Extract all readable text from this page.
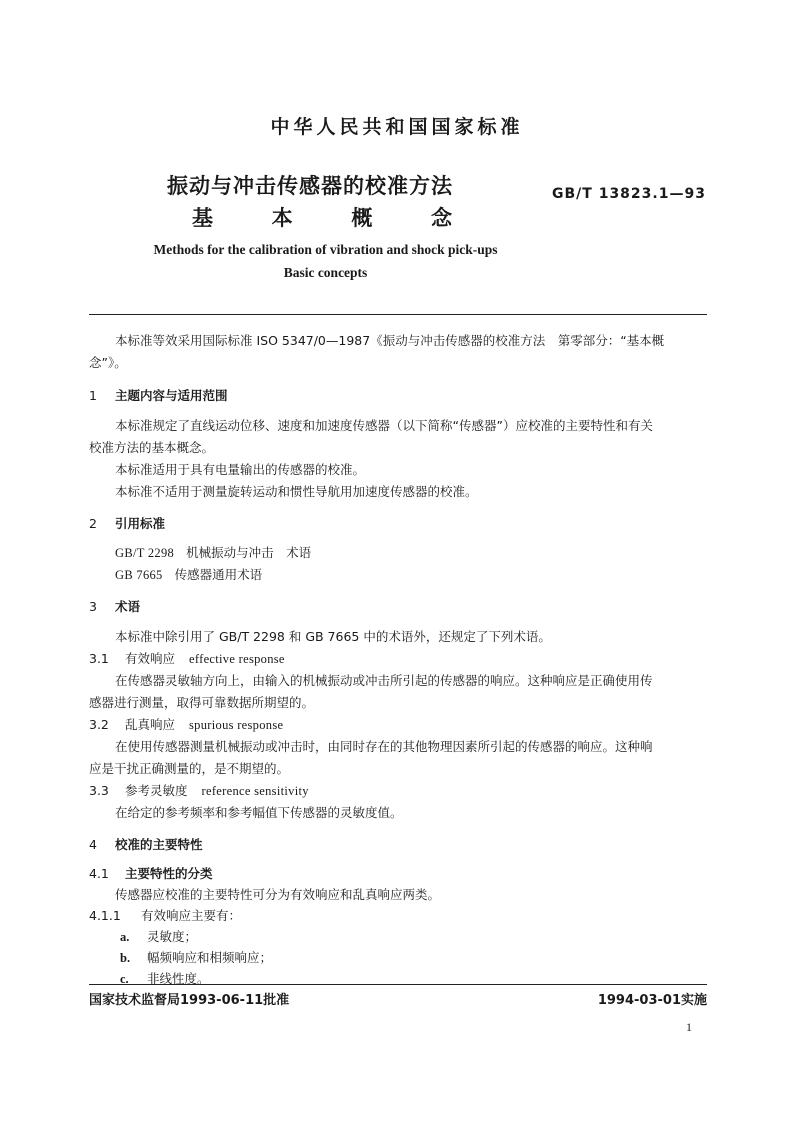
中华人民共和国国家标准
振动与冲击传感器的校准方法
基	本	概	念
GB/T 13823.1—93
Methods for the calibration of vibration and shock pick-ups
Basic concepts
本标准等效采用国际标准 ISO 5347/0—1987《振动与冲击传感器的校准方法　第零部分：“基本概
念”》。
1 主题内容与适用范围
本标准规定了直线运动位移、速度和加速度传感器（以下简称“传感器”）应校准的主要特性和有关
校准方法的基本概念。
本标准适用于具有电量输出的传感器的校准。
本标准不适用于测量旋转运动和惯性导航用加速度传感器的校准。
2 引用标准
GB/T 2298 机械振动与冲击　术语
GB 7665 传感器通用术语
3 术语
本标准中除引用了 GB/T 2298 和 GB 7665 中的术语外，还规定了下列术语。
3.1 有效响应 effective response
在传感器灵敏轴方向上，由输入的机械振动或冲击所引起的传感器的响应。这种响应是正确使用传
感器进行测量，取得可靠数据所期望的。
3.2 乱真响应 spurious response
在使用传感器测量机械振动或冲击时，由同时存在的其他物理因素所引起的传感器的响应。这种响
应是干扰正确测量的，是不期望的。
3.3 参考灵敏度 reference sensitivity
在给定的参考频率和参考幅值下传感器的灵敏度值。
4 校准的主要特性
4.1 主要特性的分类
传感器应校准的主要特性可分为有效响应和乱真响应两类。
4.1.1 有效响应主要有：
a. 灵敏度；
b. 幅频响应和相频响应；
c. 非线性度。
国家技术监督局1993-06-11批准	1994-03-01实施
1
